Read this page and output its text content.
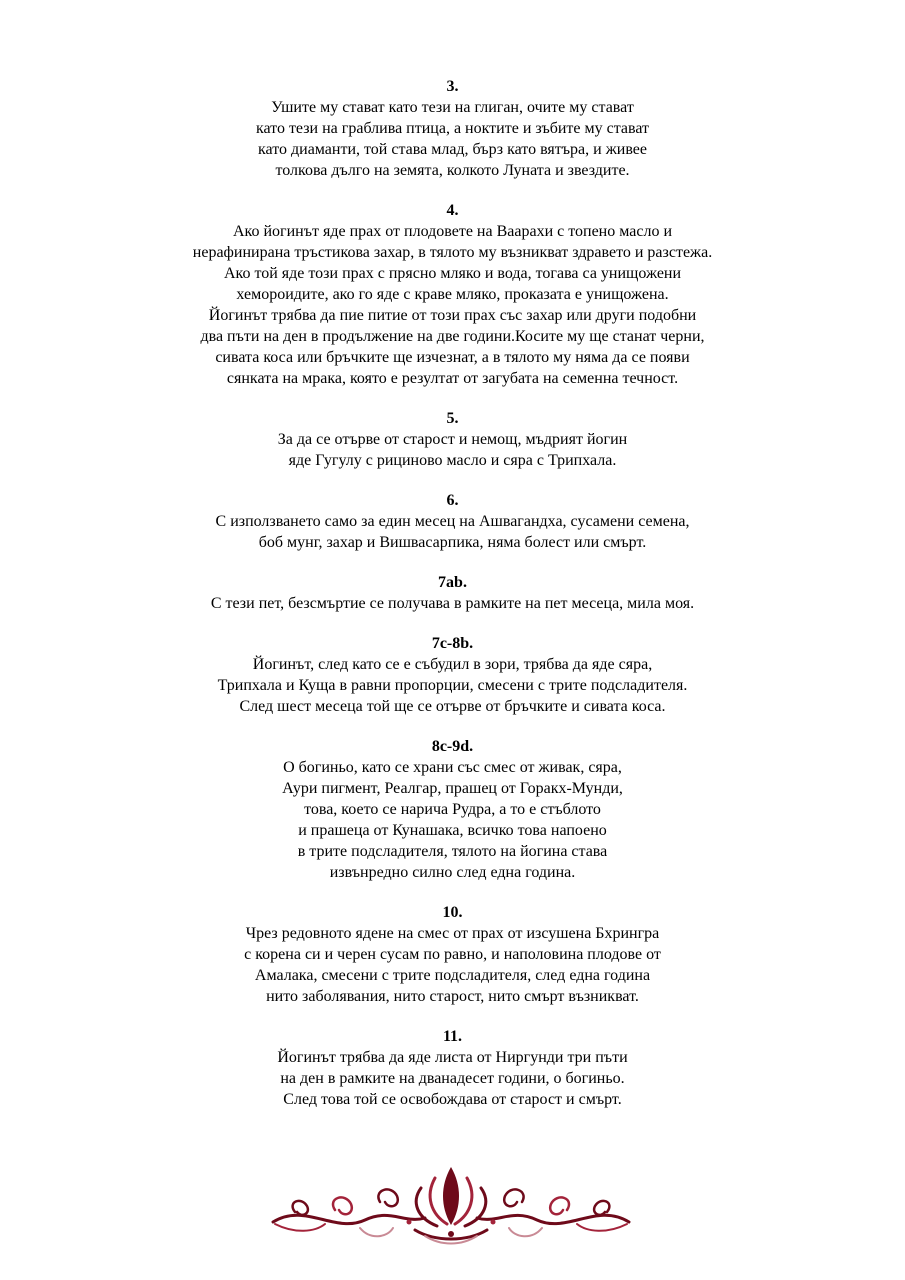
3.
Ушите му стават като тези на глиган, очите му стават
като тези на граблива птица, а ноктите и зъбите му стават
като диаманти, той става млад, бърз като вятъра, и живее
толкова дълго на земята, колкото Луната и звездите.
4.
Ако йогинът яде прах от плодовете на Ваарахи с топено масло и
нерафинирана тръстикова захар, в тялото му възникват здравето и разстежа.
Ако той яде този прах с прясно мляко и вода, тогава са унищожени
хемороидите, ако го яде с краве мляко, проказата е унищожена.
Йогинът трябва да пие питие от този прах със захар или други подобни
два пъти на ден в продължение на две години.Косите му ще станат черни,
сивата коса или бръчките ще изчезнат, а в тялото му няма да се появи
сянката на мрака, която е резултат от загубата на семенна течност.
5.
За да се отърве от старост и немощ, мъдрият йогин
яде Гугулу с рициново масло и сяра с Трипхала.
6.
С използването само за един месец на Ашвагандха, сусамени семена,
боб мунг, захар и Вишвасарпика, няма болест или смърт.
7ab.
С тези пет, безсмъртие се получава в рамките на пет месеца, мила моя.
7c-8b.
Йогинът, след като се е събудил в зори, трябва да яде сяра,
Трипхала и Куща в равни пропорции, смесени с трите подсладителя.
След шест месеца той ще се отърве от бръчките и сивата коса.
8c-9d.
О богиньо, като се храни със смес от живак, сяра,
Аури пигмент, Реалгар, прашец от Горакх-Мунди,
това, което се нарича Рудра, а то е стъблото
и прашеца от Кунашака, всичко това напоено
в трите подсладителя, тялото на йогина става
извънредно силно след една година.
10.
Чрез редовното ядене на смес от прах от изсушена Бхрингра
с корена си и черен сусам по равно, и наполовина плодове от
Амалака, смесени с трите подсладителя, след една година
нито заболявания, нито старост, нито смърт възникват.
11.
Йогинът трябва да яде листа от Ниргунди три пъти
на ден в рамките на дванадесет години, о богиньо.
След това той се освобождава от старост и смърт.
